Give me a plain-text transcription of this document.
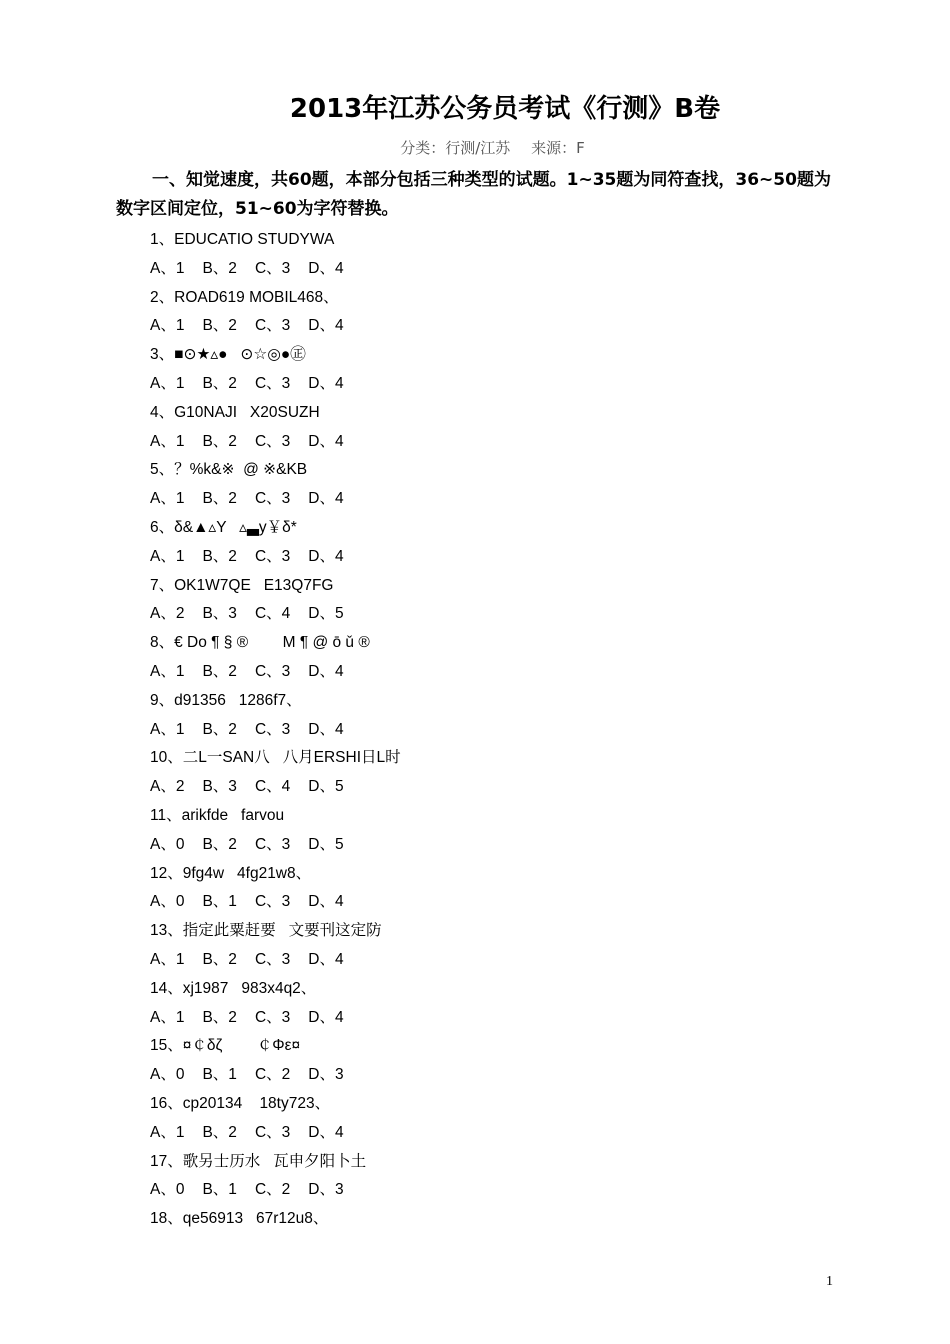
2013年江苏公务员考试《行测》B卷
分类：行测/江苏 来源：F
一、知觉速度，共60题，本部分包括三种类型的试题。1~35题为同符查找，36~50题为数字区间定位，51~60为字符替换。
1、EDUCATIO STUDYWA
A、1 B、2 C、3 D、4
2、ROAD619 MOBIL468、
A、1 B、2 C、3 D、4
3、■⊙★▵●   ⊙☆◎●㊣
A、1 B、2 C、3 D、4
4、G10NAJI   X20SUZH
A、1 B、2 C、3 D、4
5、？%k&※  @ ※&KB
A、1 B、2 C、3 D、4
6、δ&▲▵Y   ▵▃y￥δ*
A、1 B、2 C、3 D、4
7、OK1W7QE   E13Q7FG
A、2 B、3 C、4 D、5
8、€ Do ¶ § ®        M ¶ @ ō ǔ ®
A、1 B、2 C、3 D、4
9、d91356   1286f7、
A、1 B、2 C、3 D、4
10、二L一SAN八   八月ERSHI日L时
A、2 B、3 C、4 D、5
11、arikfde   farvou
A、0 B、2 C、3 D、5
12、9fg4w   4fg21w8、
A、0 B、1 C、3 D、4
13、指定此粟赶要   文要刊这定防
A、1 B、2 C、3 D、4
14、xj1987   983x4q2、
A、1 B、2 C、3 D、4
15、¤￠δζ        ￠Φε¤
A、0 B、1 C、2 D、3
16、cp20134    18ty723、
A、1 B、2 C、3 D、4
17、歌另士历水   瓦申夕阳卜土
A、0 B、1 C、2 D、3
18、qe56913   67r12u8、
1
